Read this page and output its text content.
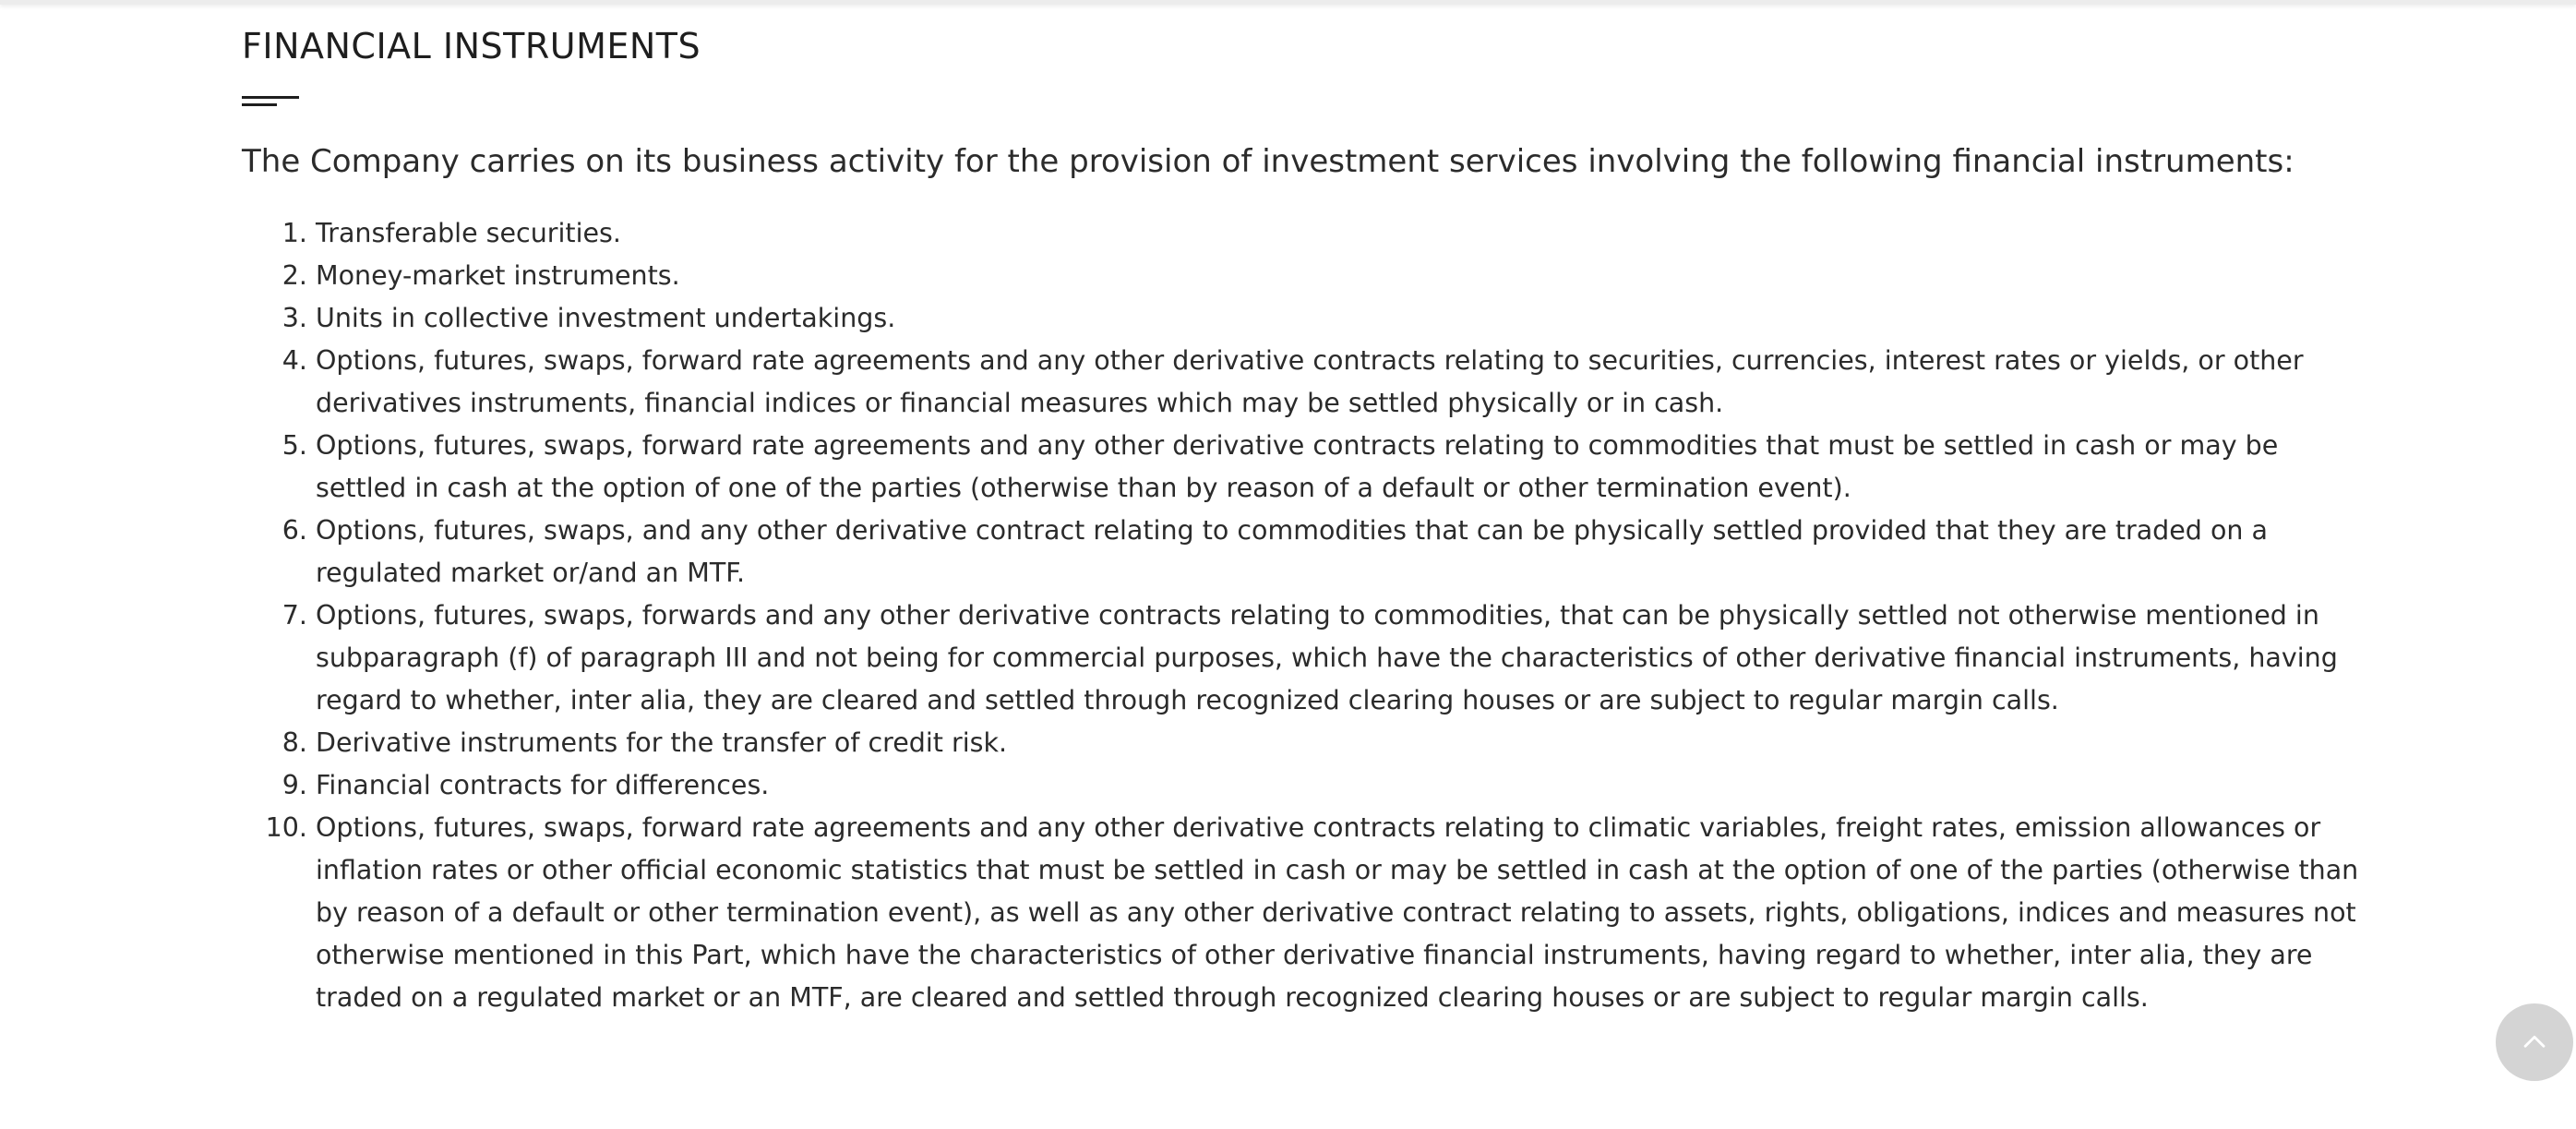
FINANCIAL INSTRUMENTS

The Company carries on its business activity for the provision of investment services involving the following financial instruments:

1. Transferable securities.
2. Money-market instruments.
3. Units in collective investment undertakings.
4. Options, futures, swaps, forward rate agreements and any other derivative contracts relating to securities, currencies, interest rates or yields, or other derivatives instruments, financial indices or financial measures which may be settled physically or in cash.
5. Options, futures, swaps, forward rate agreements and any other derivative contracts relating to commodities that must be settled in cash or may be settled in cash at the option of one of the parties (otherwise than by reason of a default or other termination event).
6. Options, futures, swaps, and any other derivative contract relating to commodities that can be physically settled provided that they are traded on a regulated market or/and an MTF.
7. Options, futures, swaps, forwards and any other derivative contracts relating to commodities, that can be physically settled not otherwise mentioned in subparagraph (f) of paragraph III and not being for commercial purposes, which have the characteristics of other derivative financial instruments, having regard to whether, inter alia, they are cleared and settled through recognized clearing houses or are subject to regular margin calls.
8. Derivative instruments for the transfer of credit risk.
9. Financial contracts for differences.
10. Options, futures, swaps, forward rate agreements and any other derivative contracts relating to climatic variables, freight rates, emission allowances or inflation rates or other official economic statistics that must be settled in cash or may be settled in cash at the option of one of the parties (otherwise than by reason of a default or other termination event), as well as any other derivative contract relating to assets, rights, obligations, indices and measures not otherwise mentioned in this Part, which have the characteristics of other derivative financial instruments, having regard to whether, inter alia, they are traded on a regulated market or an MTF, are cleared and settled through recognized clearing houses or are subject to regular margin calls.
